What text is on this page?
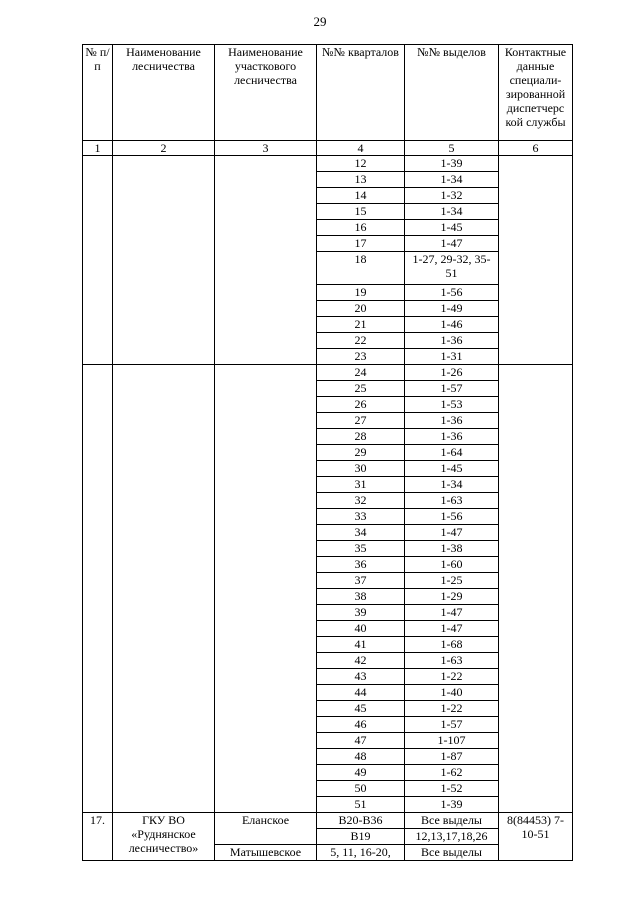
29
№ п/п	Наименование лесничества	Наименование участкового лесничества	№№ кварталов	№№ выделов	Контактные данные специали-зированной диспетчерс кой службы
1	2	3	4	5	6
			12	1-39	
			13	1-34	
			14	1-32	
			15	1-34	
			16	1-45	
			17	1-47	
			18	1-27, 29-32, 35-51	
			19	1-56	
			20	1-49	
			21	1-46	
			22	1-36	
			23	1-31	
			24	1-26	
			25	1-57	
			26	1-53	
			27	1-36	
			28	1-36	
			29	1-64	
			30	1-45	
			31	1-34	
			32	1-63	
			33	1-56	
			34	1-47	
			35	1-38	
			36	1-60	
			37	1-25	
			38	1-29	
			39	1-47	
			40	1-47	
			41	1-68	
			42	1-63	
			43	1-22	
			44	1-40	
			45	1-22	
			46	1-57	
			47	1-107	
			48	1-87	
			49	1-62	
			50	1-52	
			51	1-39	
17.	ГКУ ВО «Руднянское лесничество»	Еланское	В20-В36	Все выделы	8(84453) 7-10-51
			В19	12,13,17,18,26	
		Матышевское	5, 11, 16-20,	Все выделы	
